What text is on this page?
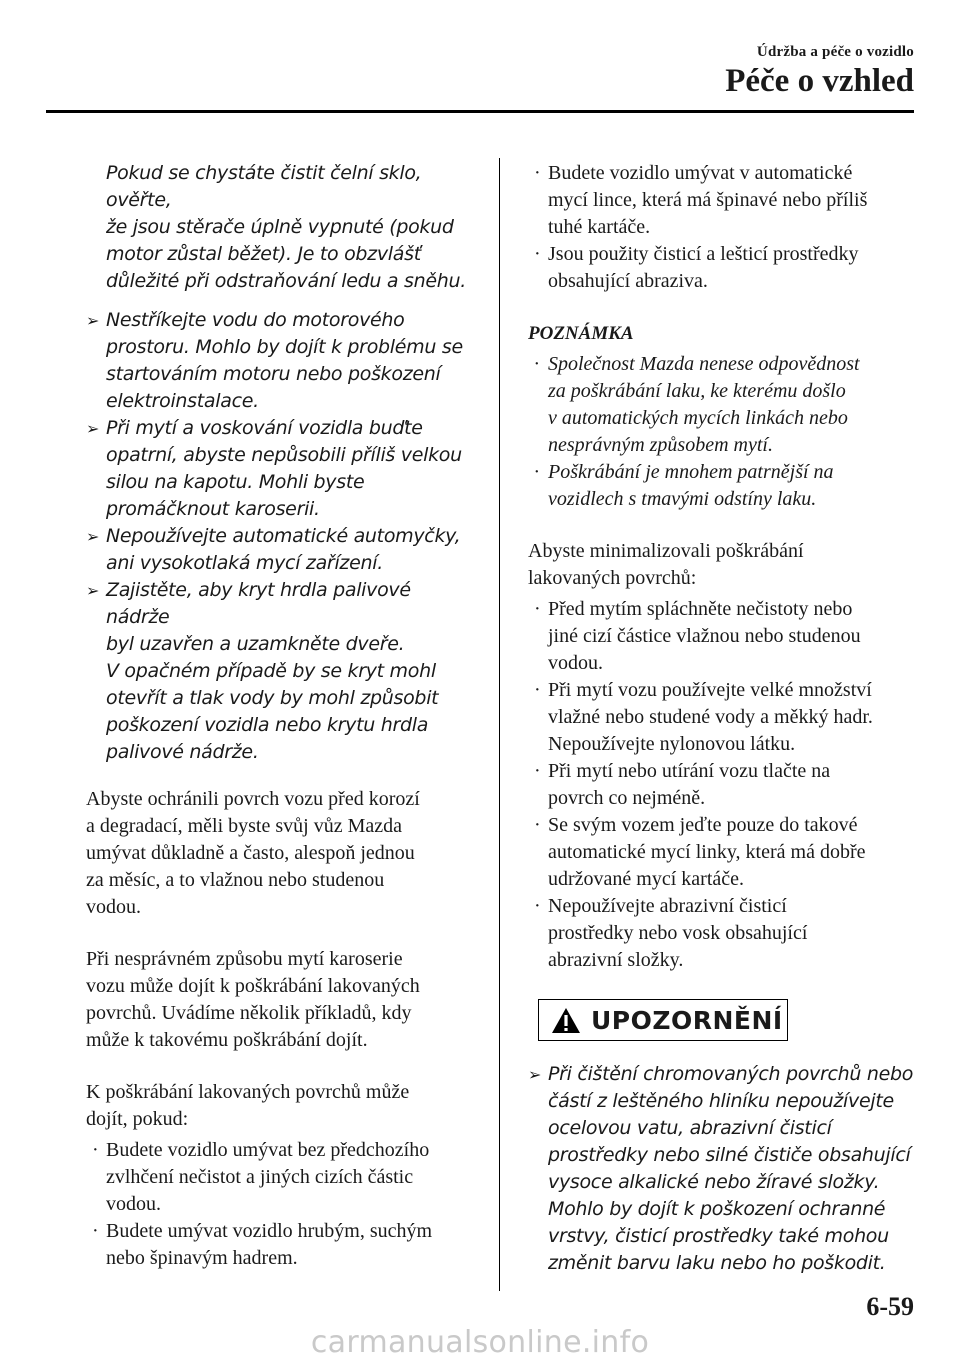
Údržba a péče o vozidlo
Péče o vzhled
Pokud se chystáte čistit čelní sklo, ověřte,
že jsou stěrače úplně vypnuté (pokud
motor zůstal běžet). Je to obzvlášť
důležité při odstraňování ledu a sněhu.
➢ Nestříkejte vodu do motorového
prostoru. Mohlo by dojít k problému se
startováním motoru nebo poškození
elektroinstalace.
➢ Při mytí a voskování vozidla buďte
opatrní, abyste nepůsobili příliš velkou
silou na kapotu. Mohli byste
promáčknout karoserii.
➢ Nepoužívejte automatické automyčky,
ani vysokotlaká mycí zařízení.
➢ Zajistěte, aby kryt hrdla palivové nádrže
byl uzavřen a uzamkněte dveře.
V opačném případě by se kryt mohl
otevřít a tlak vody by mohl způsobit
poškození vozidla nebo krytu hrdla
palivové nádrže.
Abyste ochránili povrch vozu před korozí
a degradací, měli byste svůj vůz Mazda
umývat důkladně a často, alespoň jednou
za měsíc, a to vlažnou nebo studenou
vodou.
Při nesprávném způsobu mytí karoserie
vozu může dojít k poškrábání lakovaných
povrchů. Uvádíme několik příkladů, kdy
může k takovému poškrábání dojít.
K poškrábání lakovaných povrchů může
dojít, pokud:
· Budete vozidlo umývat bez předchozího
zvlhčení nečistot a jiných cizích částic
vodou.
· Budete umývat vozidlo hrubým, suchým
nebo špinavým hadrem.
· Budete vozidlo umývat v automatické
mycí lince, která má špinavé nebo příliš
tuhé kartáče.
· Jsou použity čisticí a lešticí prostředky
obsahující abraziva.
POZNÁMKA
· Společnost Mazda nenese odpovědnost
za poškrábání laku, ke kterému došlo
v automatických mycích linkách nebo
nesprávným způsobem mytí.
· Poškrábání je mnohem patrnější na
vozidlech s tmavými odstíny laku.
Abyste minimalizovali poškrábání
lakovaných povrchů:
· Před mytím spláchněte nečistoty nebo
jiné cizí částice vlažnou nebo studenou
vodou.
· Při mytí vozu používejte velké množství
vlažné nebo studené vody a měkký hadr.
Nepoužívejte nylonovou látku.
· Při mytí nebo utírání vozu tlačte na
povrch co nejméně.
· Se svým vozem jeďte pouze do takové
automatické mycí linky, která má dobře
udržované mycí kartáče.
· Nepoužívejte abrazivní čisticí
prostředky nebo vosk obsahující
abrazivní složky.
UPOZORNĚNÍ
➢ Při čištění chromovaných povrchů nebo
částí z leštěného hliníku nepoužívejte
ocelovou vatu, abrazivní čisticí
prostředky nebo silné čističe obsahující
vysoce alkalické nebo žíravé složky.
Mohlo by dojít k poškození ochranné
vrstvy, čisticí prostředky také mohou
změnit barvu laku nebo ho poškodit.
6-59
carmanualsonline.info
